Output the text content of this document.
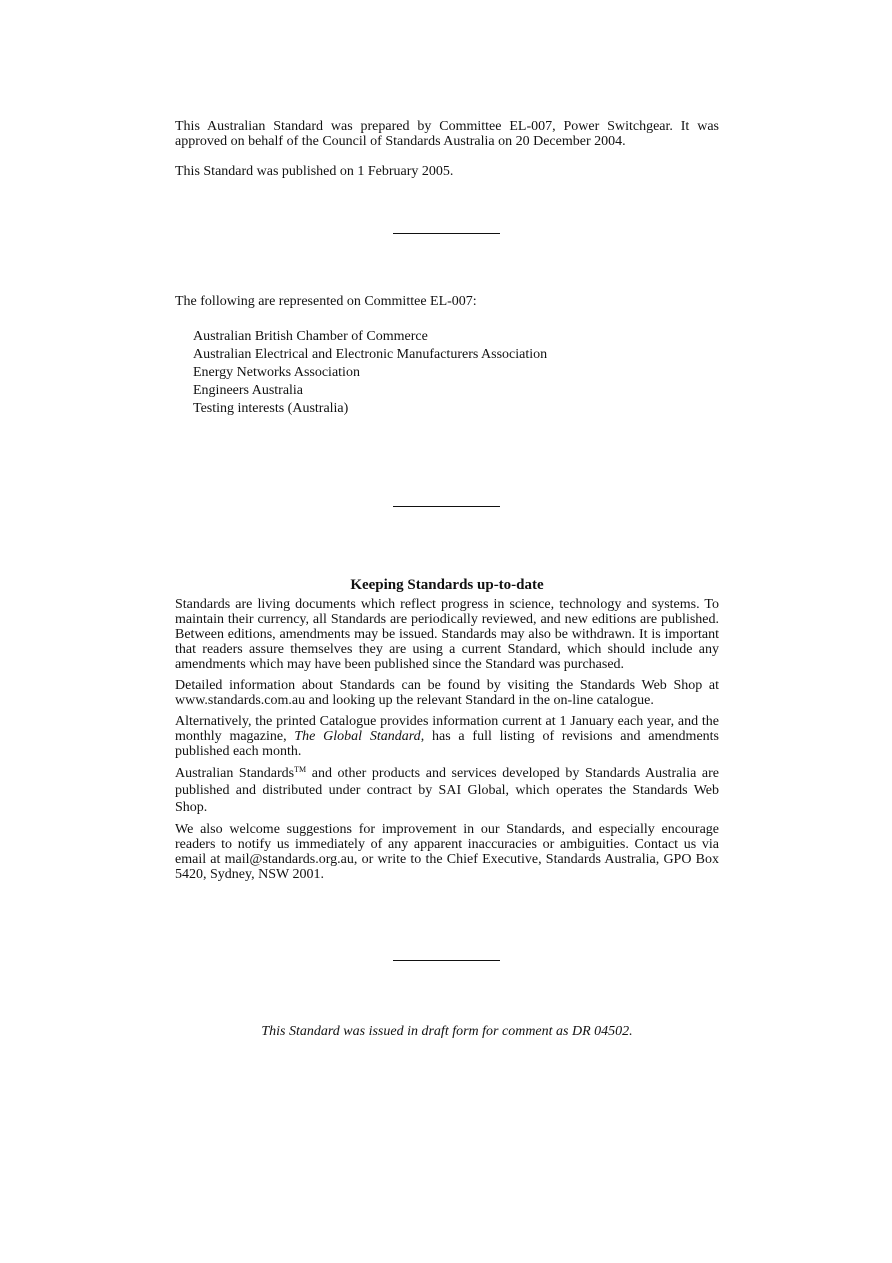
This Australian Standard was prepared by Committee EL-007, Power Switchgear. It was approved on behalf of the Council of Standards Australia on 20 December 2004.
This Standard was published on 1 February 2005.
The following are represented on Committee EL-007:
Australian British Chamber of Commerce
Australian Electrical and Electronic Manufacturers Association
Energy Networks Association
Engineers Australia
Testing interests (Australia)
Keeping Standards up-to-date

Standards are living documents which reflect progress in science, technology and systems. To maintain their currency, all Standards are periodically reviewed, and new editions are published. Between editions, amendments may be issued. Standards may also be withdrawn. It is important that readers assure themselves they are using a current Standard, which should include any amendments which may have been published since the Standard was purchased.

Detailed information about Standards can be found by visiting the Standards Web Shop at www.standards.com.au and looking up the relevant Standard in the on-line catalogue.

Alternatively, the printed Catalogue provides information current at 1 January each year, and the monthly magazine, The Global Standard, has a full listing of revisions and amendments published each month.

Australian Standards™ and other products and services developed by Standards Australia are published and distributed under contract by SAI Global, which operates the Standards Web Shop.

We also welcome suggestions for improvement in our Standards, and especially encourage readers to notify us immediately of any apparent inaccuracies or ambiguities. Contact us via email at mail@standards.org.au, or write to the Chief Executive, Standards Australia, GPO Box 5420, Sydney, NSW 2001.

This Standard was issued in draft form for comment as DR 04502.
